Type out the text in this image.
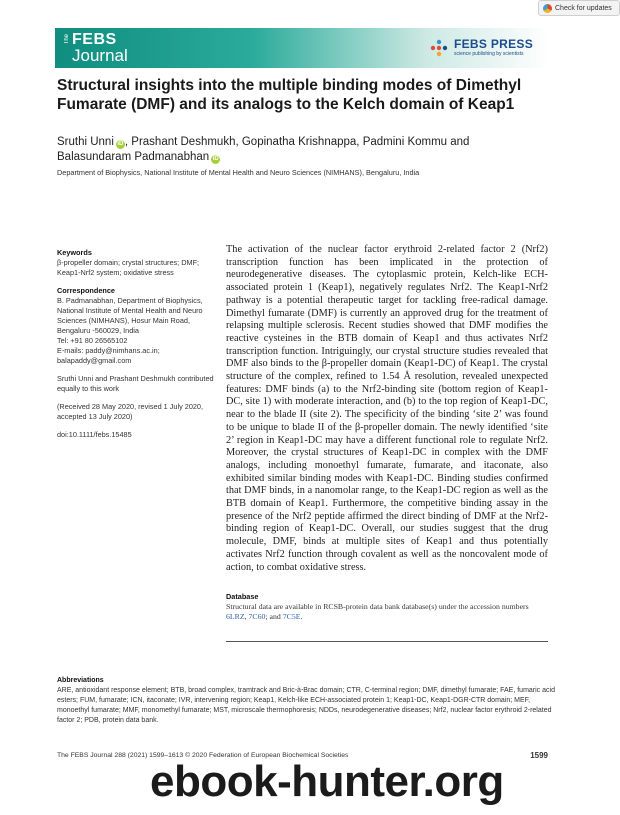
Check for updates
The FEBS
Journal
FEBS PRESS
science publishing by scientists
Structural insights into the multiple binding modes of Dimethyl Fumarate (DMF) and its analogs to the Kelch domain of Keap1
Sruthi Unni iD , Prashant Deshmukh, Gopinatha Krishnappa, Padmini Kommu and
Balasundaram Padmanabhan iD
Department of Biophysics, National Institute of Mental Health and Neuro Sciences (NIMHANS), Bengaluru, India

Keywords

β-propeller domain; crystal structures; DMF; Keap1-Nrf2 system; oxidative stress

Correspondence

B. Padmanabhan, Department of Biophysics, National Institute of Mental Health and Neuro Sciences (NIMHANS), Hosur Main Road, Bengaluru -560029, India

Tel: +91 80 26565102

E-mails: paddy@nimhans.ac.in; balapaddy@gmail.com

Sruthi Unni and Prashant Deshmukh contributed equally to this work

(Received 28 May 2020, revised 1 July 2020, accepted 13 July 2020)

doi:10.1111/febs.15485

The activation of the nuclear factor erythroid 2-related factor 2 (Nrf2) transcription function has been implicated in the protection of neurodegenerative diseases. The cytoplasmic protein, Kelch-like ECH-associated protein 1 (Keap1), negatively regulates Nrf2. The Keap1-Nrf2 pathway is a potential therapeutic target for tackling free-radical damage. Dimethyl fumarate (DMF) is currently an approved drug for the treatment of relapsing multiple sclerosis. Recent studies showed that DMF modifies the reactive cysteines in the BTB domain of Keap1 and thus activates Nrf2 transcription function. Intriguingly, our crystal structure studies revealed that DMF also binds to the β-propeller domain (Keap1-DC) of Keap1. The crystal structure of the complex, refined to 1.54 Å resolution, revealed unexpected features: DMF binds (a) to the Nrf2-binding site (bottom region of Keap1-DC, site 1) with moderate interaction, and (b) to the top region of Keap1-DC, near to the blade II (site 2). The specificity of the binding ‘site 2’ was found to be unique to blade II of the β-propeller domain. The newly identified ‘site 2’ region in Keap1-DC may have a different functional role to regulate Nrf2. Moreover, the crystal structures of Keap1-DC in complex with the DMF analogs, including monoethyl fumarate, fumarate, and itaconate, also exhibited similar binding modes with Keap1-DC. Binding studies confirmed that DMF binds, in a nanomolar range, to the Keap1-DC region as well as the BTB domain of Keap1. Furthermore, the competitive binding assay in the presence of the Nrf2 peptide affirmed the direct binding of DMF at the Nrf2-binding region of Keap1-DC. Overall, our studies suggest that the drug molecule, DMF, binds at multiple sites of Keap1 and thus potentially activates Nrf2 function through covalent as well as the noncovalent mode of action, to combat oxidative stress.

Database

Structural data are available in RCSB-protein data bank database(s) under the accession numbers 6LRZ, 7C60; and 7C5E.

Abbreviations

ARE, antioxidant response element; BTB, broad complex, tramtrack and Bric-à-Brac domain; CTR, C-terminal region; DMF, dimethyl fumarate; FAE, fumaric acid esters; FUM, fumarate; ICN, itaconate; IVR, intervening region; Keap1, Kelch-like ECH-associated protein 1; Keap1-DC, Keap1-DGR-CTR domain; MEF, monoethyl fumarate; MMF, monomethyl fumarate; MST, microscale thermophoresis; NDDs, neurodegenerative diseases; Nrf2, nuclear factor erythroid 2-related factor 2; PDB, protein data bank.

The FEBS Journal 288 (2021) 1599–1613 © 2020 Federation of European Biochemical Societies	1599
ebook-hunter.org
